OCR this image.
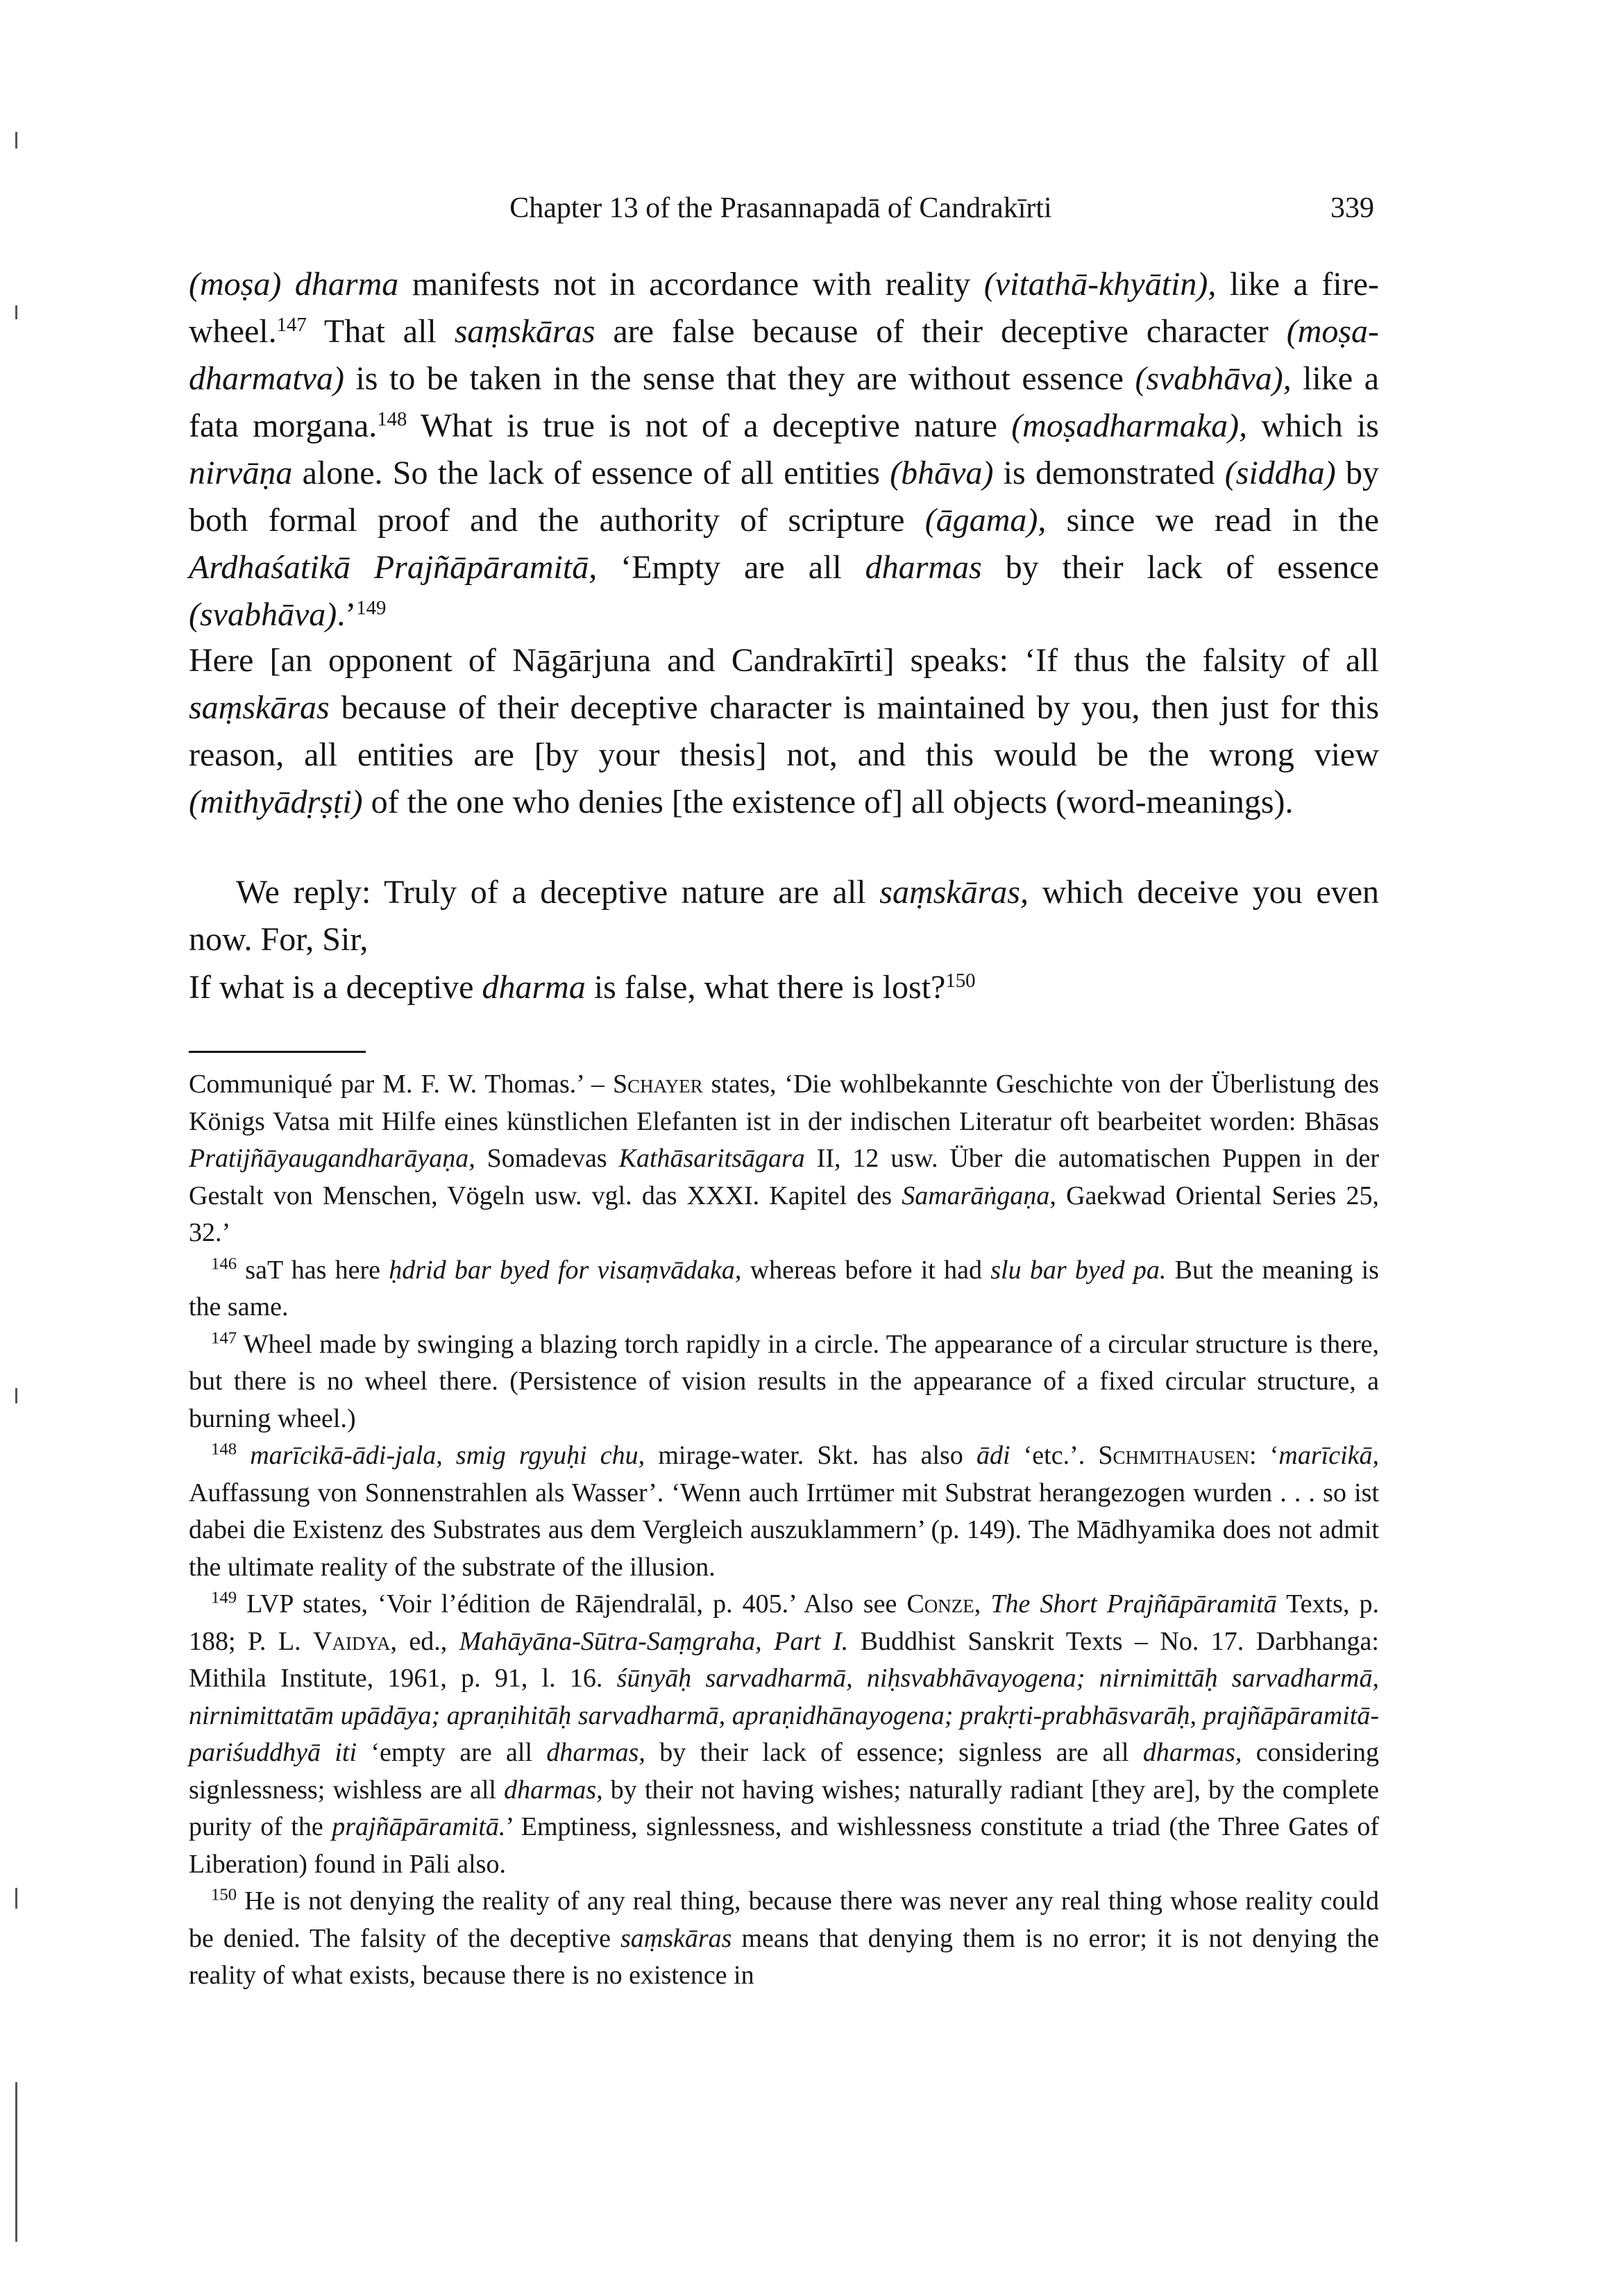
Chapter 13 of the Prasannapadā of Candrakīrti	339

(moṣa) dharma manifests not in accordance with reality (vitathā-khyātin), like a fire-wheel.$^{147}$ That all saṃskāras are false because of their deceptive character (moṣa-dharmatva) is to be taken in the sense that they are without essence (svabhāva), like a fata morgana.$^{148}$ What is true is not of a deceptive nature (moṣadharmaka), which is nirvāṇa alone. So the lack of essence of all entities (bhāva) is demonstrated (siddha) by both formal proof and the authority of scripture (āgama), since we read in the Ardhaśatikā Prajñāpāramitā, ‘Empty are all dharmas by their lack of essence (svabhāva).’$^{149}$

Here [an opponent of Nāgārjuna and Candrakīrti] speaks: ‘If thus the falsity of all saṃskāras because of their deceptive character is maintained by you, then just for this reason, all entities are [by your thesis] not, and this would be the wrong view (mithyādṛṣṭi) of the one who denies [the existence of] all objects (word-meanings).

We reply: Truly of a deceptive nature are all saṃskāras, which deceive you even now. For, Sir,

If what is a deceptive dharma is false, what there is lost?$^{150}$

Communiqué par M. F. W. Thomas.’ – Schayer states, ‘Die wohlbekannte Geschichte von der Überlistung des Königs Vatsa mit Hilfe eines künstlichen Elefanten ist in der indischen Literatur oft bearbeitet worden: Bhāsas Pratijñāyaugandharāyaṇa, Somadevas Kathāsaritsāgara II, 12 usw. Über die automatischen Puppen in der Gestalt von Menschen, Vögeln usw. vgl. das XXXI. Kapitel des Samarāṅgaṇa, Gaekwad Oriental Series 25, 32.’

$^{146}$ saT has here ḥdrid bar byed for visaṃvādaka, whereas before it had slu bar byed pa. But the meaning is the same.

$^{147}$ Wheel made by swinging a blazing torch rapidly in a circle. The appearance of a circular structure is there, but there is no wheel there. (Persistence of vision results in the appearance of a fixed circular structure, a burning wheel.)

$^{148}$ marīcikā-ādi-jala, smig rgyuḥi chu, mirage-water. Skt. has also ādi ‘etc.’. Schmithausen: ‘marīcikā, Auffassung von Sonnenstrahlen als Wasser’. ‘Wenn auch Irrtümer mit Substrat herangezogen wurden . . . so ist dabei die Existenz des Substrates aus dem Vergleich auszuklammern’ (p. 149). The Mādhyamika does not admit the ultimate reality of the substrate of the illusion.

$^{149}$ LVP states, ‘Voir l’édition de Rājendralāl, p. 405.’ Also see Conze, The Short Prajñāpāramitā Texts, p. 188; P. L. Vaidya, ed., Mahāyāna-Sūtra-Saṃgraha, Part I. Buddhist Sanskrit Texts – No. 17. Darbhanga: Mithila Institute, 1961, p. 91, l. 16. śūnyāḥ sarvadharmā, niḥsvabhāvayogena; nirnimittāḥ sarvadharmā, nirnimittatām upādāya; apraṇihitāḥ sarvadharmā, apraṇidhānayogena; prakṛti-prabhāsvarāḥ, prajñāpāramitā-pariśuddhyā iti ‘empty are all dharmas, by their lack of essence; signless are all dharmas, considering signlessness; wishless are all dharmas, by their not having wishes; naturally radiant [they are], by the complete purity of the prajñāpāramitā.’ Emptiness, signlessness, and wishlessness constitute a triad (the Three Gates of Liberation) found in Pāli also.

$^{150}$ He is not denying the reality of any real thing, because there was never any real thing whose reality could be denied. The falsity of the deceptive saṃskāras means that denying them is no error; it is not denying the reality of what exists, because there is no existence in
